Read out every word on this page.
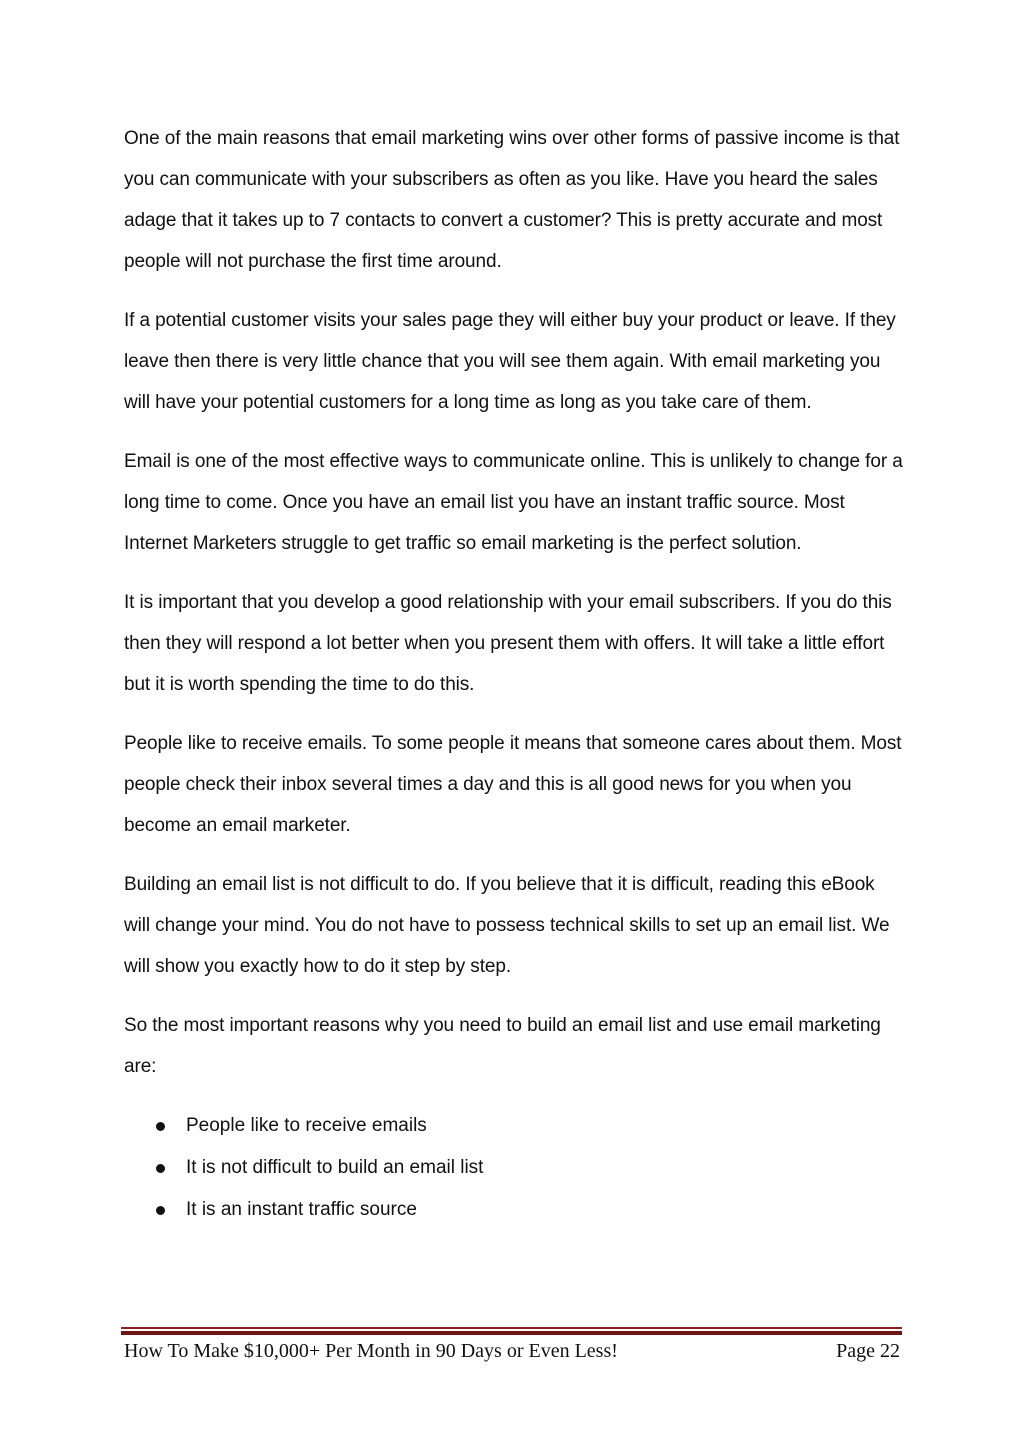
One of the main reasons that email marketing wins over other forms of passive income is that you can communicate with your subscribers as often as you like. Have you heard the sales adage that it takes up to 7 contacts to convert a customer? This is pretty accurate and most people will not purchase the first time around.

If a potential customer visits your sales page they will either buy your product or leave. If they leave then there is very little chance that you will see them again. With email marketing you will have your potential customers for a long time as long as you take care of them.

Email is one of the most effective ways to communicate online. This is unlikely to change for a long time to come. Once you have an email list you have an instant traffic source. Most Internet Marketers struggle to get traffic so email marketing is the perfect solution.

It is important that you develop a good relationship with your email subscribers. If you do this then they will respond a lot better when you present them with offers. It will take a little effort but it is worth spending the time to do this.

People like to receive emails. To some people it means that someone cares about them. Most people check their inbox several times a day and this is all good news for you when you become an email marketer.

Building an email list is not difficult to do. If you believe that it is difficult, reading this eBook will change your mind. You do not have to possess technical skills to set up an email list. We will show you exactly how to do it step by step.

So the most important reasons why you need to build an email list and use email marketing are:

People like to receive emails
It is not difficult to build an email list
It is an instant traffic source
How To Make $10,000+ Per Month in 90 Days or Even Less!	Page 22
